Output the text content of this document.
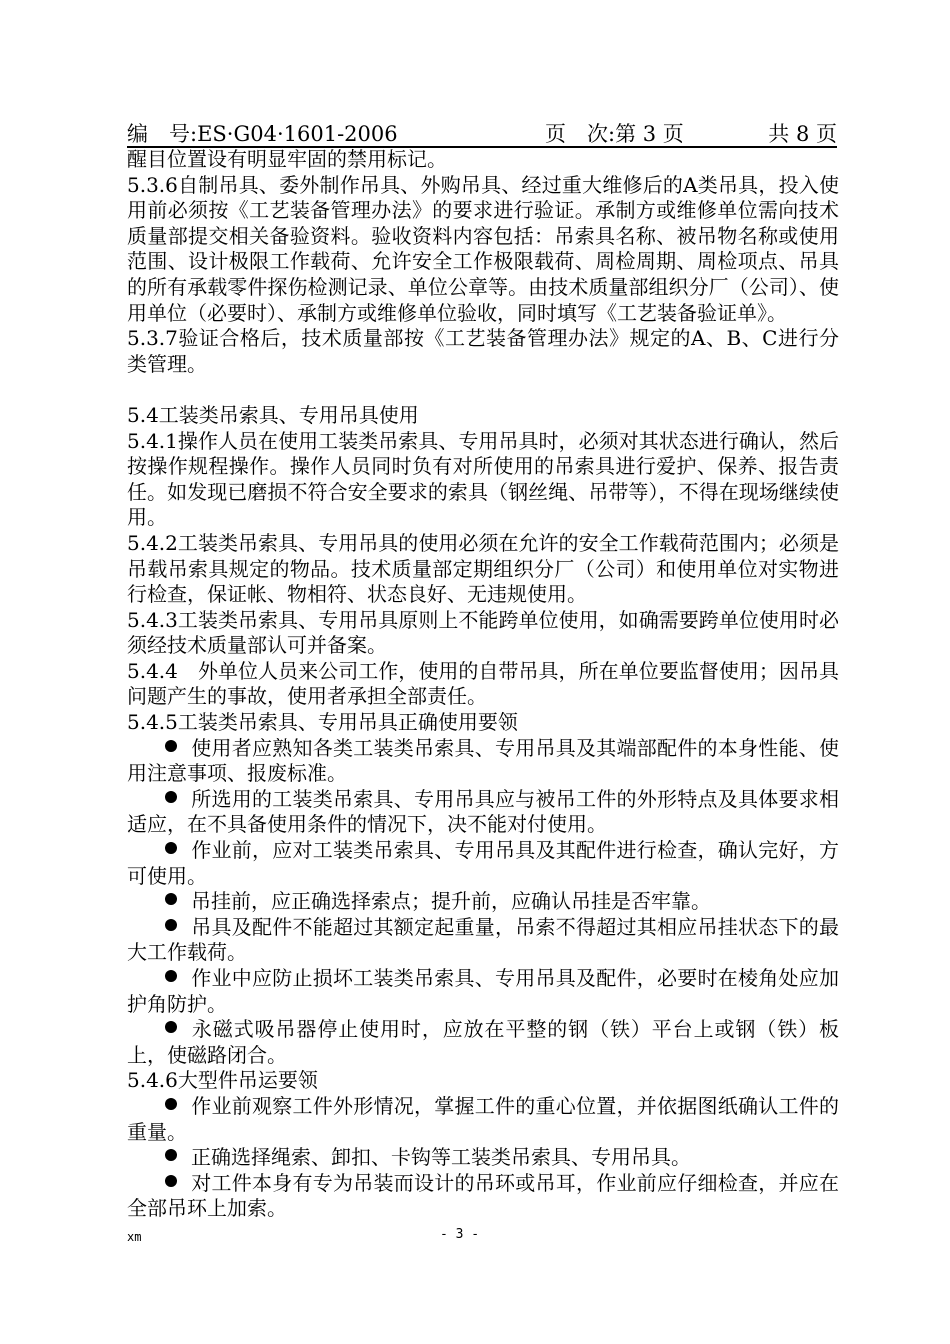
编　号:ES·G04·1601-2006	页　次:第 3 页	共 8 页

醒目位置设有明显牢固的禁用标记。

5.3.6自制吊具、委外制作吊具、外购吊具、经过重大维修后的A类吊具，投入使用前必须按《工艺装备管理办法》的要求进行验证。承制方或维修单位需向技术质量部提交相关备验资料。验收资料内容包括：吊索具名称、被吊物名称或使用范围、设计极限工作载荷、允许安全工作极限载荷、周检周期、周检项点、吊具的所有承载零件探伤检测记录、单位公章等。由技术质量部组织分厂（公司）、使用单位（必要时）、承制方或维修单位验收，同时填写《工艺装备验证单》。

5.3.7验证合格后，技术质量部按《工艺装备管理办法》规定的A、B、C进行分类管理。

5.4工装类吊索具、专用吊具使用

5.4.1操作人员在使用工装类吊索具、专用吊具时，必须对其状态进行确认，然后按操作规程操作。操作人员同时负有对所使用的吊索具进行爱护、保养、报告责任。如发现已磨损不符合安全要求的索具（钢丝绳、吊带等），不得在现场继续使用。

5.4.2工装类吊索具、专用吊具的使用必须在允许的安全工作载荷范围内；必须是吊载吊索具规定的物品。技术质量部定期组织分厂（公司）和使用单位对实物进行检查，保证帐、物相符、状态良好、无违规使用。

5.4.3工装类吊索具、专用吊具原则上不能跨单位使用，如确需要跨单位使用时必须经技术质量部认可并备案。

5.4.4　外单位人员来公司工作，使用的自带吊具，所在单位要监督使用；因吊具问题产生的事故，使用者承担全部责任。

5.4.5工装类吊索具、专用吊具正确使用要领

使用者应熟知各类工装类吊索具、专用吊具及其端部配件的本身性能、使用注意事项、报废标准。

所选用的工装类吊索具、专用吊具应与被吊工件的外形特点及具体要求相适应，在不具备使用条件的情况下，决不能对付使用。

作业前，应对工装类吊索具、专用吊具及其配件进行检查，确认完好，方可使用。

吊挂前，应正确选择索点；提升前，应确认吊挂是否牢靠。

吊具及配件不能超过其额定起重量，吊索不得超过其相应吊挂状态下的最大工作载荷。

作业中应防止损坏工装类吊索具、专用吊具及配件，必要时在棱角处应加护角防护。

永磁式吸吊器停止使用时，应放在平整的钢（铁）平台上或钢（铁）板上，使磁路闭合。

5.4.6大型件吊运要领

作业前观察工件外形情况，掌握工件的重心位置，并依据图纸确认工件的重量。

正确选择绳索、卸扣、卡钩等工装类吊索具、专用吊具。

对工件本身有专为吊装而设计的吊环或吊耳，作业前应仔细检查，并应在全部吊环上加索。

xm	- 3 -
